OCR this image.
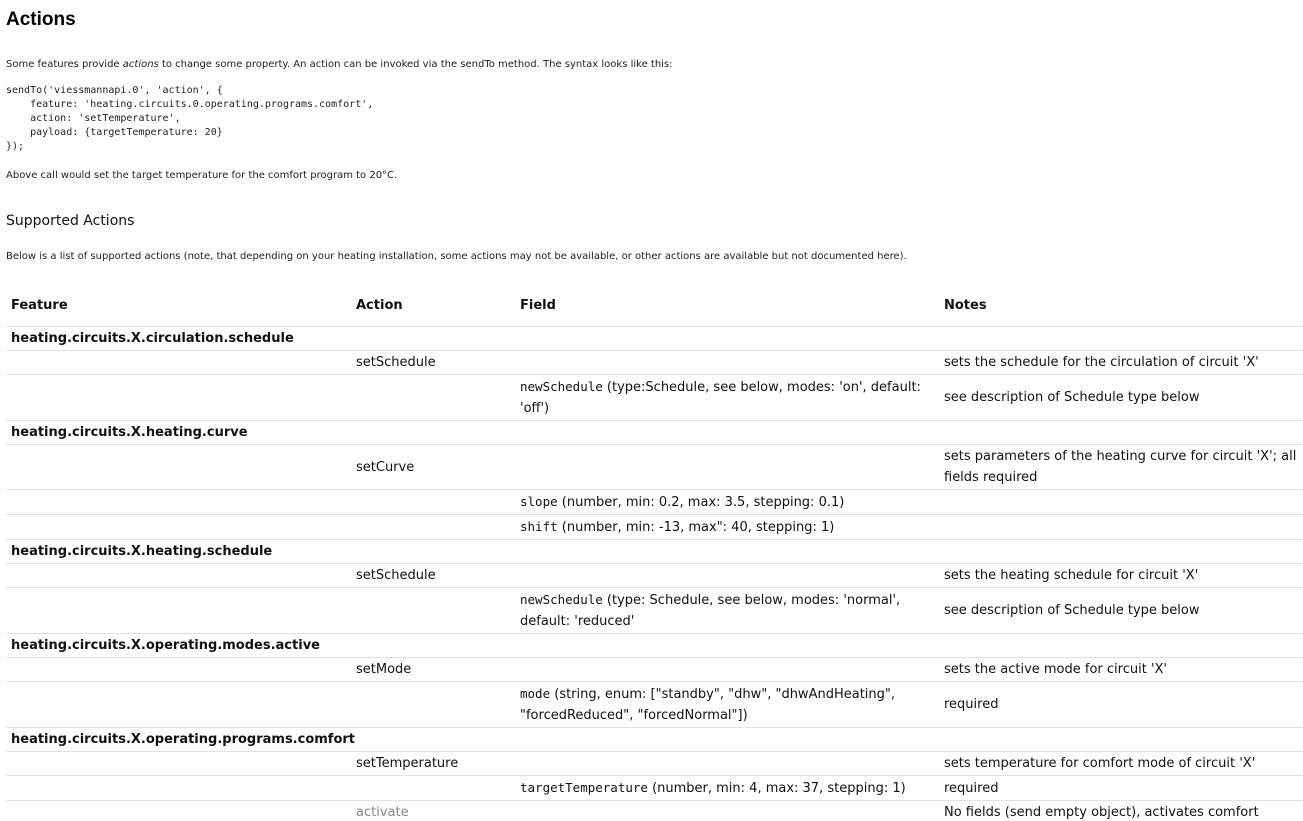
Actions
Some features provide actions to change some property. An action can be invoked via the sendTo method. The syntax looks like this:
sendTo('viessmannapi.0', 'action', {
feature: 'heating.circuits.0.operating.programs.comfort',
action: 'setTemperature',
payload: {targetTemperature: 20}
});
Above call would set the target temperature for the comfort program to 20°C.
Supported Actions
Below is a list of supported actions (note, that depending on your heating installation, some actions may not be available, or other actions are available but not documented here).
Feature	Action	Field	Notes
heating.circuits.X.circulation.schedule			
	setSchedule		sets the schedule for the circulation of circuit 'X'
		newSchedule (type:Schedule, see below, modes: 'on', default: 'off')	see description of Schedule type below
heating.circuits.X.heating.curve			
	setCurve		sets parameters of the heating curve for circuit 'X'; all fields required
		slope (number, min: 0.2, max: 3.5, stepping: 0.1)	
		shift (number, min: -13, max": 40, stepping: 1)	
heating.circuits.X.heating.schedule			
	setSchedule		sets the heating schedule for circuit 'X'
		newSchedule (type: Schedule, see below, modes: 'normal', default: 'reduced'	see description of Schedule type below
heating.circuits.X.operating.modes.active			
	setMode		sets the active mode for circuit 'X'
		mode (string, enum: ["standby", "dhw", "dhwAndHeating", "forcedReduced", "forcedNormal"])	required
heating.circuits.X.operating.programs.comfort			
	setTemperature		sets temperature for comfort mode of circuit 'X'
		targetTemperature (number, min: 4, max: 37, stepping: 1)	required
	activate		No fields (send empty object), activates comfort
